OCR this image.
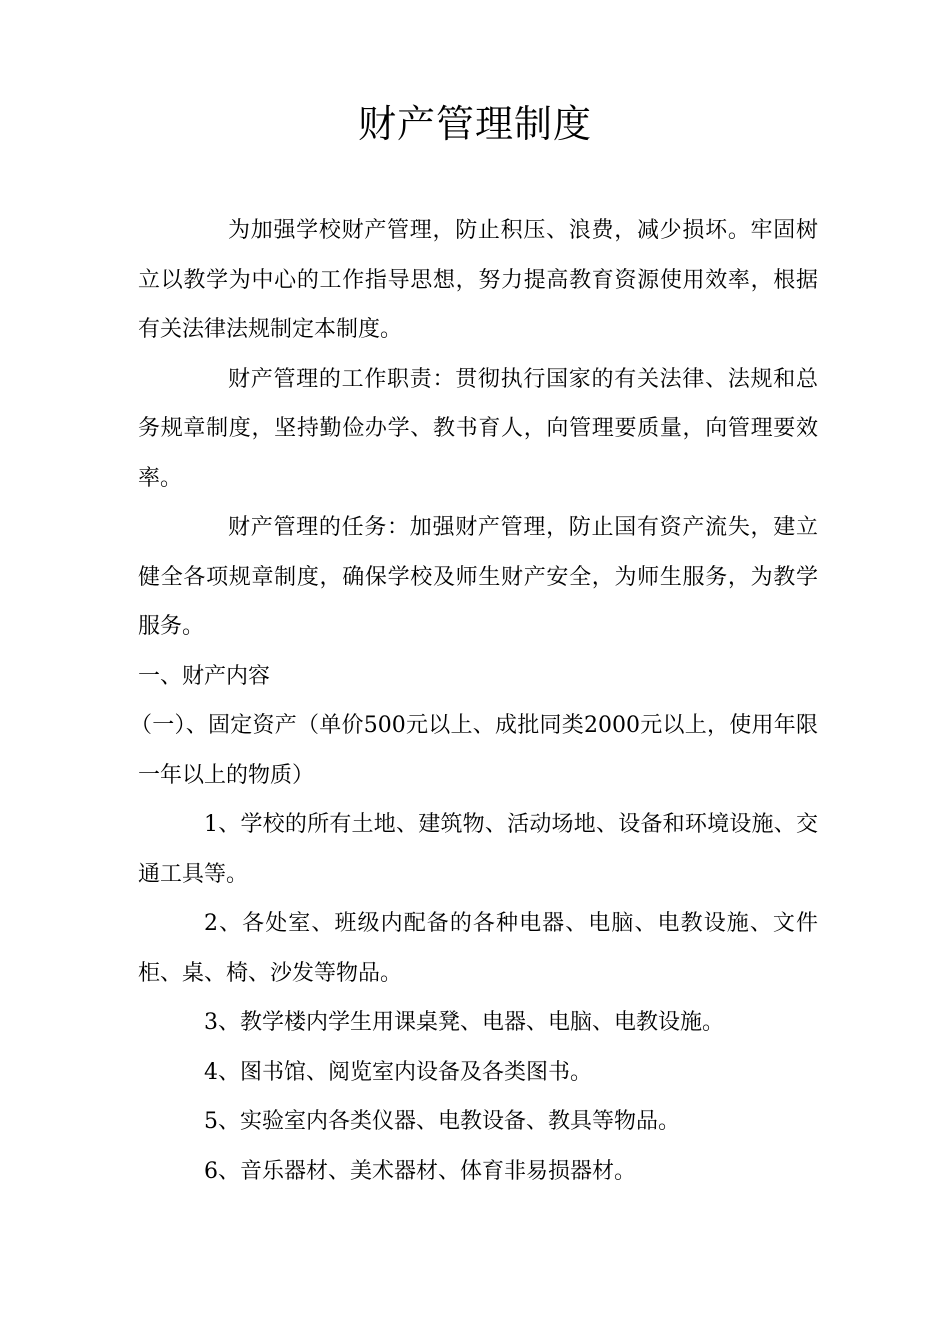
财产管理制度

为加强学校财产管理，防止积压、浪费，减少损坏。牢固树立以教学为中心的工作指导思想，努力提高教育资源使用效率，根据有关法律法规制定本制度。

财产管理的工作职责：贯彻执行国家的有关法律、法规和总务规章制度，坚持勤俭办学、教书育人，向管理要质量，向管理要效率。

财产管理的任务：加强财产管理，防止国有资产流失，建立健全各项规章制度，确保学校及师生财产安全，为师生服务，为教学服务。

一、财产内容

（一）、固定资产（单价500元以上、成批同类2000元以上，使用年限一年以上的物质）

1、学校的所有土地、建筑物、活动场地、设备和环境设施、交通工具等。

2、各处室、班级内配备的各种电器、电脑、电教设施、文件柜、桌、椅、沙发等物品。

3、教学楼内学生用课桌凳、电器、电脑、电教设施。

4、图书馆、阅览室内设备及各类图书。

5、实验室内各类仪器、电教设备、教具等物品。

6、音乐器材、美术器材、体育非易损器材。
